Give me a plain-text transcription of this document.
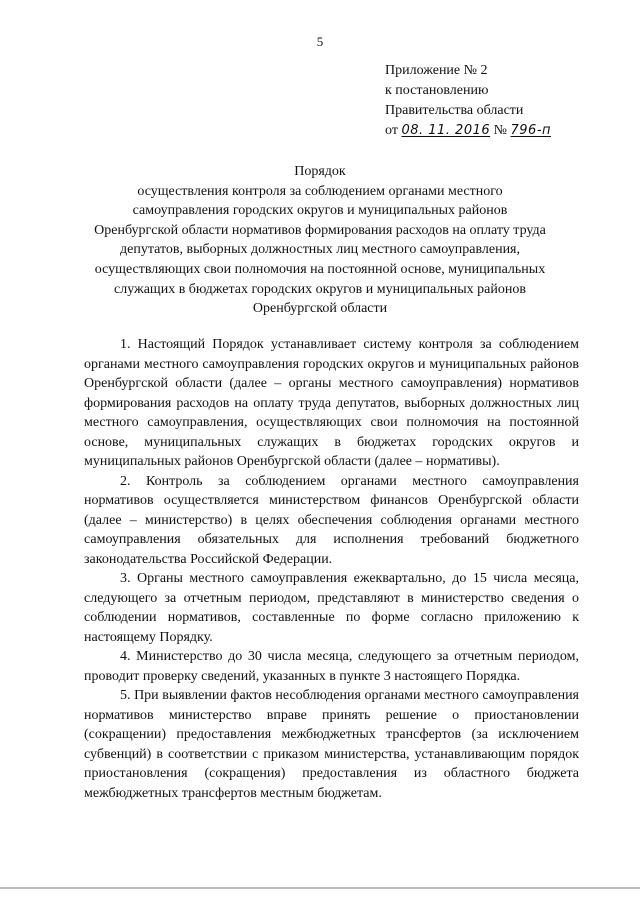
5
Приложение № 2
к постановлению
Правительства области
от 08. 11. 2016 № 796-п
Порядок
осуществления контроля за соблюдением органами местного
самоуправления городских округов и муниципальных районов
Оренбургской области нормативов формирования расходов на оплату труда
депутатов, выборных должностных лиц местного самоуправления,
осуществляющих свои полномочия на постоянной основе, муниципальных
служащих в бюджетах городских округов и муниципальных районов
Оренбургской области

1. Настоящий Порядок устанавливает систему контроля за соблюдением органами местного самоуправления городских округов и муниципальных районов Оренбургской области (далее – органы местного самоуправления) нормативов формирования расходов на оплату труда депутатов, выборных должностных лиц местного самоуправления, осуществляющих свои полномочия на постоянной основе, муниципальных служащих в бюджетах городских округов и муниципальных районов Оренбургской области (далее – нормативы).

2. Контроль за соблюдением органами местного самоуправления нормативов осуществляется министерством финансов Оренбургской области (далее – министерство) в целях обеспечения соблюдения органами местного самоуправления обязательных для исполнения требований бюджетного законодательства Российской Федерации.

3. Органы местного самоуправления ежеквартально, до 15 числа месяца, следующего за отчетным периодом, представляют в министерство сведения о соблюдении нормативов, составленные по форме согласно приложению к настоящему Порядку.

4. Министерство до 30 числа месяца, следующего за отчетным периодом, проводит проверку сведений, указанных в пункте 3 настоящего Порядка.

5. При выявлении фактов несоблюдения органами местного самоуправления нормативов министерство вправе принять решение о приостановлении (сокращении) предоставления межбюджетных трансфертов (за исключением субвенций) в соответствии с приказом министерства, устанавливающим порядок приостановления (сокращения) предоставления из областного бюджета межбюджетных трансфертов местным бюджетам.
